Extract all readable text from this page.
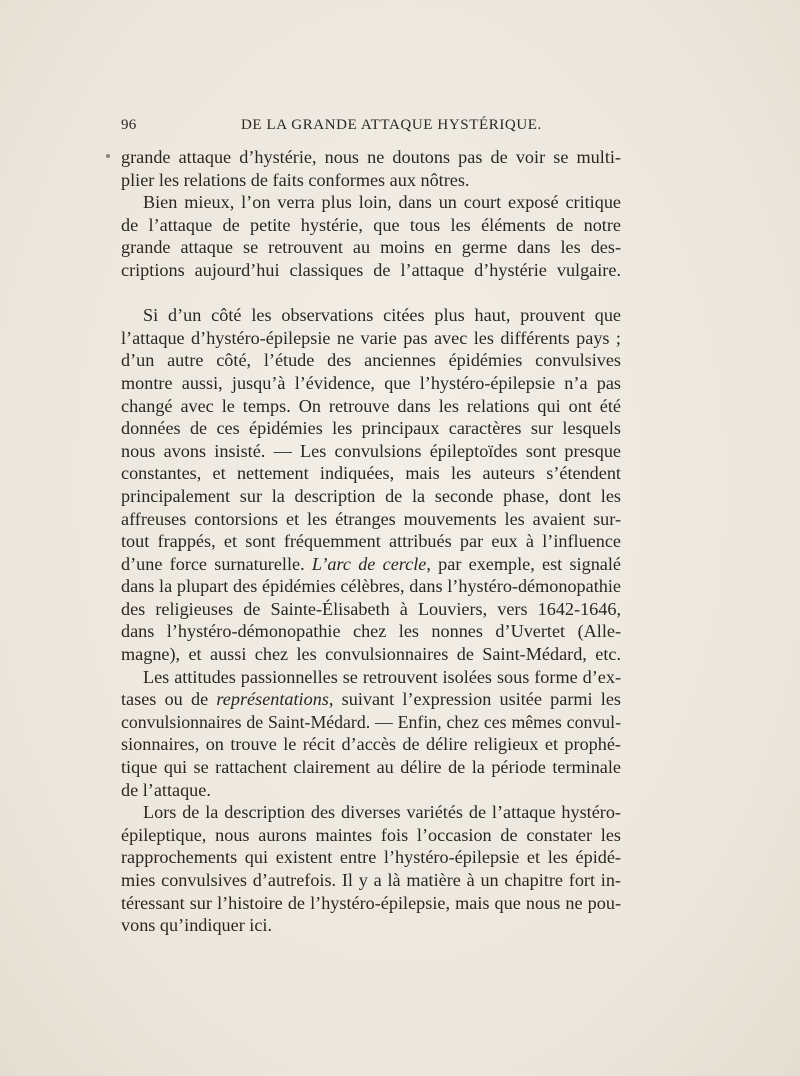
96	DE LA GRANDE ATTAQUE HYSTÉRIQUE.
grande attaque d’hystérie, nous ne doutons pas de voir se multi-
plier les relations de faits conformes aux nôtres.
Bien mieux, l’on verra plus loin, dans un court exposé critique
de l’attaque de petite hystérie, que tous les éléments de notre
grande attaque se retrouvent au moins en germe dans les des-
criptions aujourd’hui classiques de l’attaque d’hystérie vulgaire.
Si d’un côté les observations citées plus haut, prouvent que
l’attaque d’hystéro-épilepsie ne varie pas avec les différents pays ;
d’un autre côté, l’étude des anciennes épidémies convulsives
montre aussi, jusqu’à l’évidence, que l’hystéro-épilepsie n’a pas
changé avec le temps. On retrouve dans les relations qui ont été
données de ces épidémies les principaux caractères sur lesquels
nous avons insisté. — Les convulsions épileptoïdes sont presque
constantes, et nettement indiquées, mais les auteurs s’étendent
principalement sur la description de la seconde phase, dont les
affreuses contorsions et les étranges mouvements les avaient sur-
tout frappés, et sont fréquemment attribués par eux à l’influence
d’une force surnaturelle. L’arc de cercle, par exemple, est signalé
dans la plupart des épidémies célèbres, dans l’hystéro-démonopathie
des religieuses de Sainte-Élisabeth à Louviers, vers 1642-1646,
dans l’hystéro-démonopathie chez les nonnes d’Uvertet (Alle-
magne), et aussi chez les convulsionnaires de Saint-Médard, etc.
Les attitudes passionnelles se retrouvent isolées sous forme d’ex-
tases ou de représentations, suivant l’expression usitée parmi les
convulsionnaires de Saint-Médard. — Enfin, chez ces mêmes convul-
sionnaires, on trouve le récit d’accès de délire religieux et prophé-
tique qui se rattachent clairement au délire de la période terminale
de l’attaque.
Lors de la description des diverses variétés de l’attaque hystéro-
épileptique, nous aurons maintes fois l’occasion de constater les
rapprochements qui existent entre l’hystéro-épilepsie et les épidé-
mies convulsives d’autrefois. Il y a là matière à un chapitre fort in-
téressant sur l’histoire de l’hystéro-épilepsie, mais que nous ne pou-
vons qu’indiquer ici.
